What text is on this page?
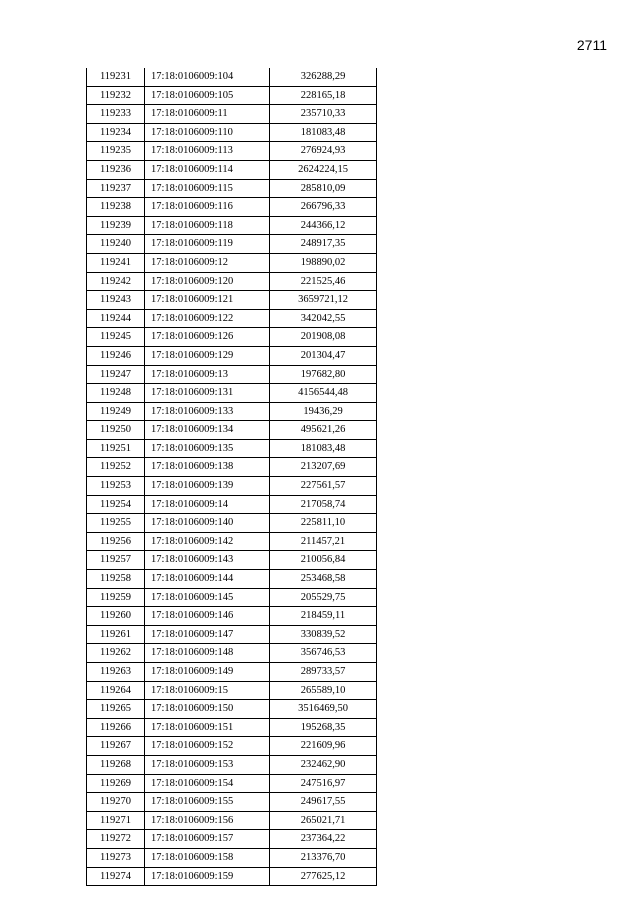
2711
119231	17:18:0106009:104	326288,29
119232	17:18:0106009:105	228165,18
119233	17:18:0106009:11	235710,33
119234	17:18:0106009:110	181083,48
119235	17:18:0106009:113	276924,93
119236	17:18:0106009:114	2624224,15
119237	17:18:0106009:115	285810,09
119238	17:18:0106009:116	266796,33
119239	17:18:0106009:118	244366,12
119240	17:18:0106009:119	248917,35
119241	17:18:0106009:12	198890,02
119242	17:18:0106009:120	221525,46
119243	17:18:0106009:121	3659721,12
119244	17:18:0106009:122	342042,55
119245	17:18:0106009:126	201908,08
119246	17:18:0106009:129	201304,47
119247	17:18:0106009:13	197682,80
119248	17:18:0106009:131	4156544,48
119249	17:18:0106009:133	19436,29
119250	17:18:0106009:134	495621,26
119251	17:18:0106009:135	181083,48
119252	17:18:0106009:138	213207,69
119253	17:18:0106009:139	227561,57
119254	17:18:0106009:14	217058,74
119255	17:18:0106009:140	225811,10
119256	17:18:0106009:142	211457,21
119257	17:18:0106009:143	210056,84
119258	17:18:0106009:144	253468,58
119259	17:18:0106009:145	205529,75
119260	17:18:0106009:146	218459,11
119261	17:18:0106009:147	330839,52
119262	17:18:0106009:148	356746,53
119263	17:18:0106009:149	289733,57
119264	17:18:0106009:15	265589,10
119265	17:18:0106009:150	3516469,50
119266	17:18:0106009:151	195268,35
119267	17:18:0106009:152	221609,96
119268	17:18:0106009:153	232462,90
119269	17:18:0106009:154	247516,97
119270	17:18:0106009:155	249617,55
119271	17:18:0106009:156	265021,71
119272	17:18:0106009:157	237364,22
119273	17:18:0106009:158	213376,70
119274	17:18:0106009:159	277625,12
